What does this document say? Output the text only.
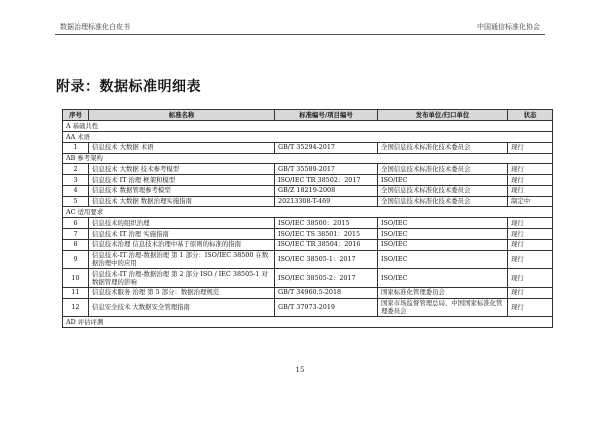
数据治理标准化白皮书	中国通信标准化协会
附录：数据标准明细表
序号	标准名称	标准编号/项目编号	发布单位/归口单位	状态
A 基础共性				
AA 术语				
1	信息技术 大数据 术语	GB/T 35294-2017	全国信息技术标准化技术委员会	现行
AB 参考架构				
2	信息技术 大数据 技术参考模型	GB/T 35589-2017	全国信息技术标准化技术委员会	现行
3	信息技术 IT 治理 框架和模型	ISO/IEC TR 38502：2017	ISO/IEC	现行
4	信息技术 数据管理参考模型	GB/Z 18219-2008	全国信息技术标准化技术委员会	现行
5	信息技术 大数据 数据治理实施指南	20213308-T-469	全国信息技术标准化技术委员会	制定中
AC 适用要求				
6	信息技术的组织治理	ISO/IEC 38500：2015	ISO/IEC	现行
7	信息技术 IT 治理 实施指南	ISO/IEC TS 38501：2015	ISO/IEC	现行
8	信息技术治理 信息技术治理中基于原则的标准的指南	ISO/IEC TR 38504：2016	ISO/IEC	现行
9	信息技术-IT 治理-数据治理 第 1 部分：ISO/IEC 38500 在数据治理中的应用	ISO/IEC 38505-1：2017	ISO/IEC	现行
10	信息技术-IT 治理-数据治理 第 2 部分 ISO / IEC 38505-1 对数据管理的影响	ISO/IEC 38505-2：2017	ISO/IEC	现行
11	信息技术服务 治理 第 5 部分：数据治理规范	GB/T 34960.5-2018	国家标准化管理委员会	现行
12	信息安全技术 大数据安全管理指南	GB/T 37973-2019	国家市场监督管理总局、中国国家标准化管理委员会	现行
AD 评估评测				
15
